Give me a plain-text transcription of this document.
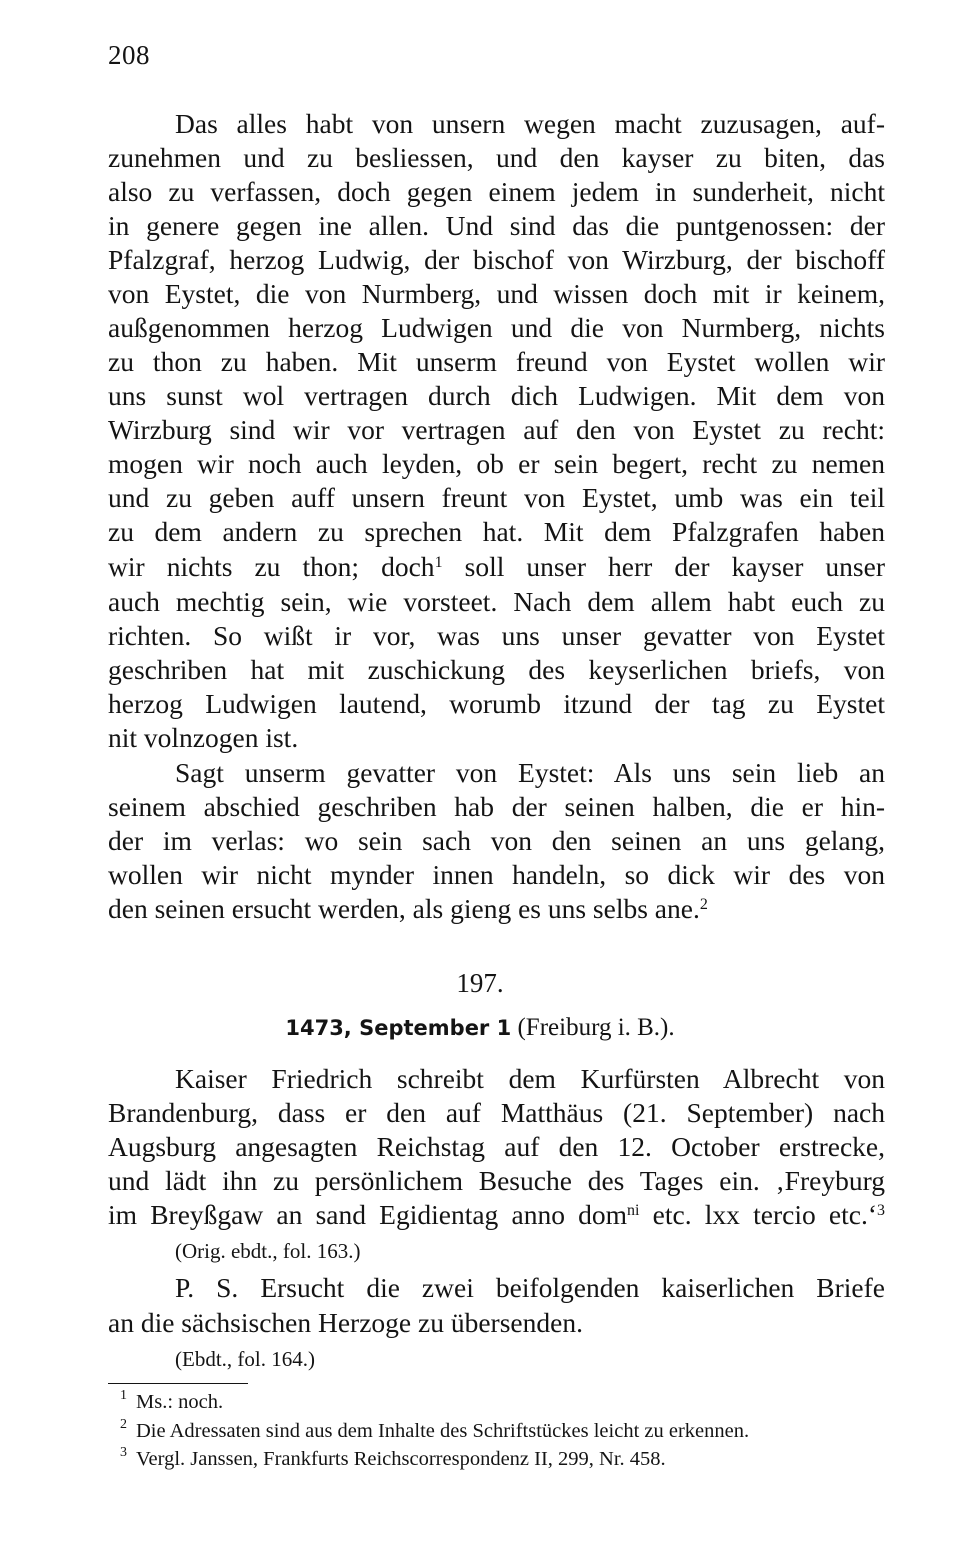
208
Das alles habt von unsern wegen macht zuzusagen, auf-
zunehmen und zu besliessen, und den kayser zu biten, das
also zu verfassen, doch gegen einem jedem in sunderheit, nicht
in genere gegen ine allen. Und sind das die puntgenossen: der
Pfalzgraf, herzog Ludwig, der bischof von Wirzburg, der bischoff
von Eystet, die von Nurmberg, und wissen doch mit ir keinem,
außgenommen herzog Ludwigen und die von Nurmberg, nichts
zu thon zu haben. Mit unserm freund von Eystet wollen wir
uns sunst wol vertragen durch dich Ludwigen. Mit dem von
Wirzburg sind wir vor vertragen auf den von Eystet zu recht:
mogen wir noch auch leyden, ob er sein begert, recht zu nemen
und zu geben auff unsern freunt von Eystet, umb was ein teil
zu dem andern zu sprechen hat. Mit dem Pfalzgrafen haben
wir nichts zu thon; doch$^1$ soll unser herr der kayser unser
auch mechtig sein, wie vorsteet. Nach dem allem habt euch zu
richten. So wißt ir vor, was uns unser gevatter von Eystet
geschriben hat mit zuschickung des keyserlichen briefs, von
herzog Ludwigen lautend, worumb itzund der tag zu Eystet
nit volnzogen ist.
Sagt unserm gevatter von Eystet: Als uns sein lieb an
seinem abschied geschriben hab der seinen halben, die er hin-
der im verlas: wo sein sach von den seinen an uns gelang,
wollen wir nicht mynder innen handeln, so dick wir des von
den seinen ersucht werden, als gieng es uns selbs ane.$^2$
197.
1473, September 1 (Freiburg i. B.).
Kaiser Friedrich schreibt dem Kurfürsten Albrecht von
Brandenburg, dass er den auf Matthäus (21. September) nach
Augsburg angesagten Reichstag auf den 12. October erstrecke,
und lädt ihn zu persönlichem Besuche des Tages ein. ‚Freyburg
im Breyßgaw an sand Egidientag anno dom$^{ni}$ etc. lxx tercio etc.‘$^3$
(Orig. ebdt., fol. 163.)
P. S. Ersucht die zwei beifolgenden kaiserlichen Briefe
an die sächsischen Herzoge zu übersenden.
(Ebdt., fol. 164.)
1 Ms.: noch.
2 Die Adressaten sind aus dem Inhalte des Schriftstückes leicht zu erkennen.
3 Vergl. Janssen, Frankfurts Reichscorrespondenz II, 299, Nr. 458.
